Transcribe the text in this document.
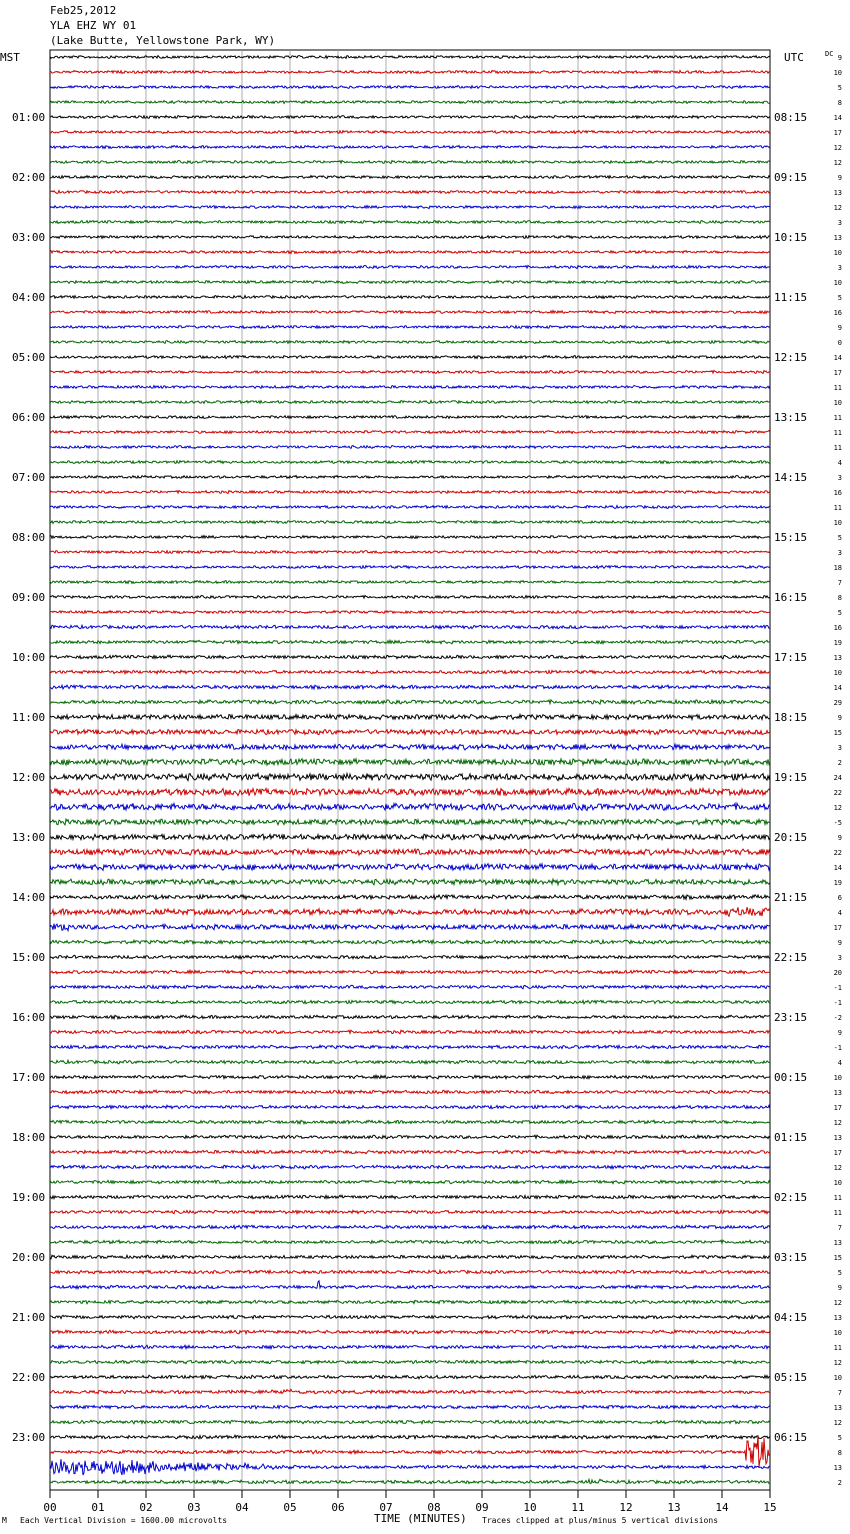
Feb25,2012
YLA EHZ WY 01
(Lake Butte, Yellowstone Park, WY)
00	01	02	03	04	05	06	07	08	09	10	11	12	13	14	15
9
10
5
8
14
17
12
12
9
13
12
3
13
10
3
10
5
16
9
0
14
17
11
10
11
11
11
4
3
16
11
10
5
3
18
7
8
5
16
19
13
10
14
29
9
15
3
2
24
22
12
-5
9
22
14
19
6
4
17
9
3
20
-1
-1
-2
9
-1
4
10
13
17
12
13
17
12
10
11
11
7
13
15
5
9
12
13
10
11
12
10
7
13
12
5
8
13
2
MST	UTC	DC
01:00
02:00
03:00
04:00
05:00
06:00
07:00
08:00
09:00
10:00
11:00
12:00
13:00
14:00
15:00
16:00
17:00
18:00
19:00
20:00
21:00
22:00
23:00
08:15
09:15
10:15
11:15
12:15
13:15
14:15
15:15
16:15
17:15
18:15
19:15
20:15
21:15
22:15
23:15
00:15
01:15
02:15
03:15
04:15
05:15
06:15
M Each Vertical Division = 1600.00 microvolts	TIME (MINUTES) Traces clipped at plus/minus 5 vertical divisions
